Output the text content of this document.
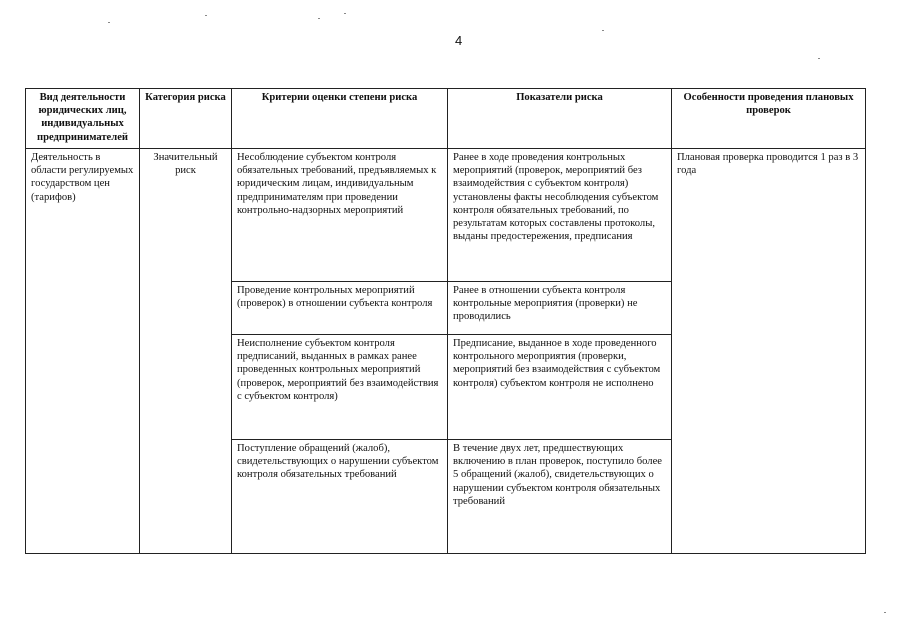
4
Вид деятельности юридических лиц, индивидуальных предпринимателей	Категория риска	Критерии оценки степени риска	Показатели риска	Особенности проведения плановых проверок
Деятельность в области регулируемых государством цен (тарифов)	Значительный риск	Несоблюдение субъектом контроля обязательных требований, предъявляемых к юридическим лицам, индивидуальным предпринимателям при проведении контрольно-надзорных мероприятий	Ранее в ходе проведения контрольных мероприятий (проверок, мероприятий без взаимодействия с субъектом контроля) установлены факты несоблюдения субъектом контроля обязательных требований, по результатам которых составлены протоколы, выданы предостережения, предписания	Плановая проверка проводится 1 раз в 3 года
		Проведение контрольных мероприятий (проверок) в отношении субъекта контроля	Ранее в отношении субъекта контроля контрольные мероприятия (проверки) не проводились	
		Неисполнение субъектом контроля предписаний, выданных в рамках ранее проведенных контрольных мероприятий (проверок, мероприятий без взаимодействия с субъектом контроля)	Предписание, выданное в ходе проведенного контрольного мероприятия (проверки, мероприятий без взаимодействия с субъектом контроля) субъектом контроля не исполнено	
		Поступление обращений (жалоб), свидетельствующих о нарушении субъектом контроля обязательных требований	В течение двух лет, предшествующих включению в план проверок, поступило более 5 обращений (жалоб), свидетельствующих о нарушении субъектом контроля обязательных требований	
